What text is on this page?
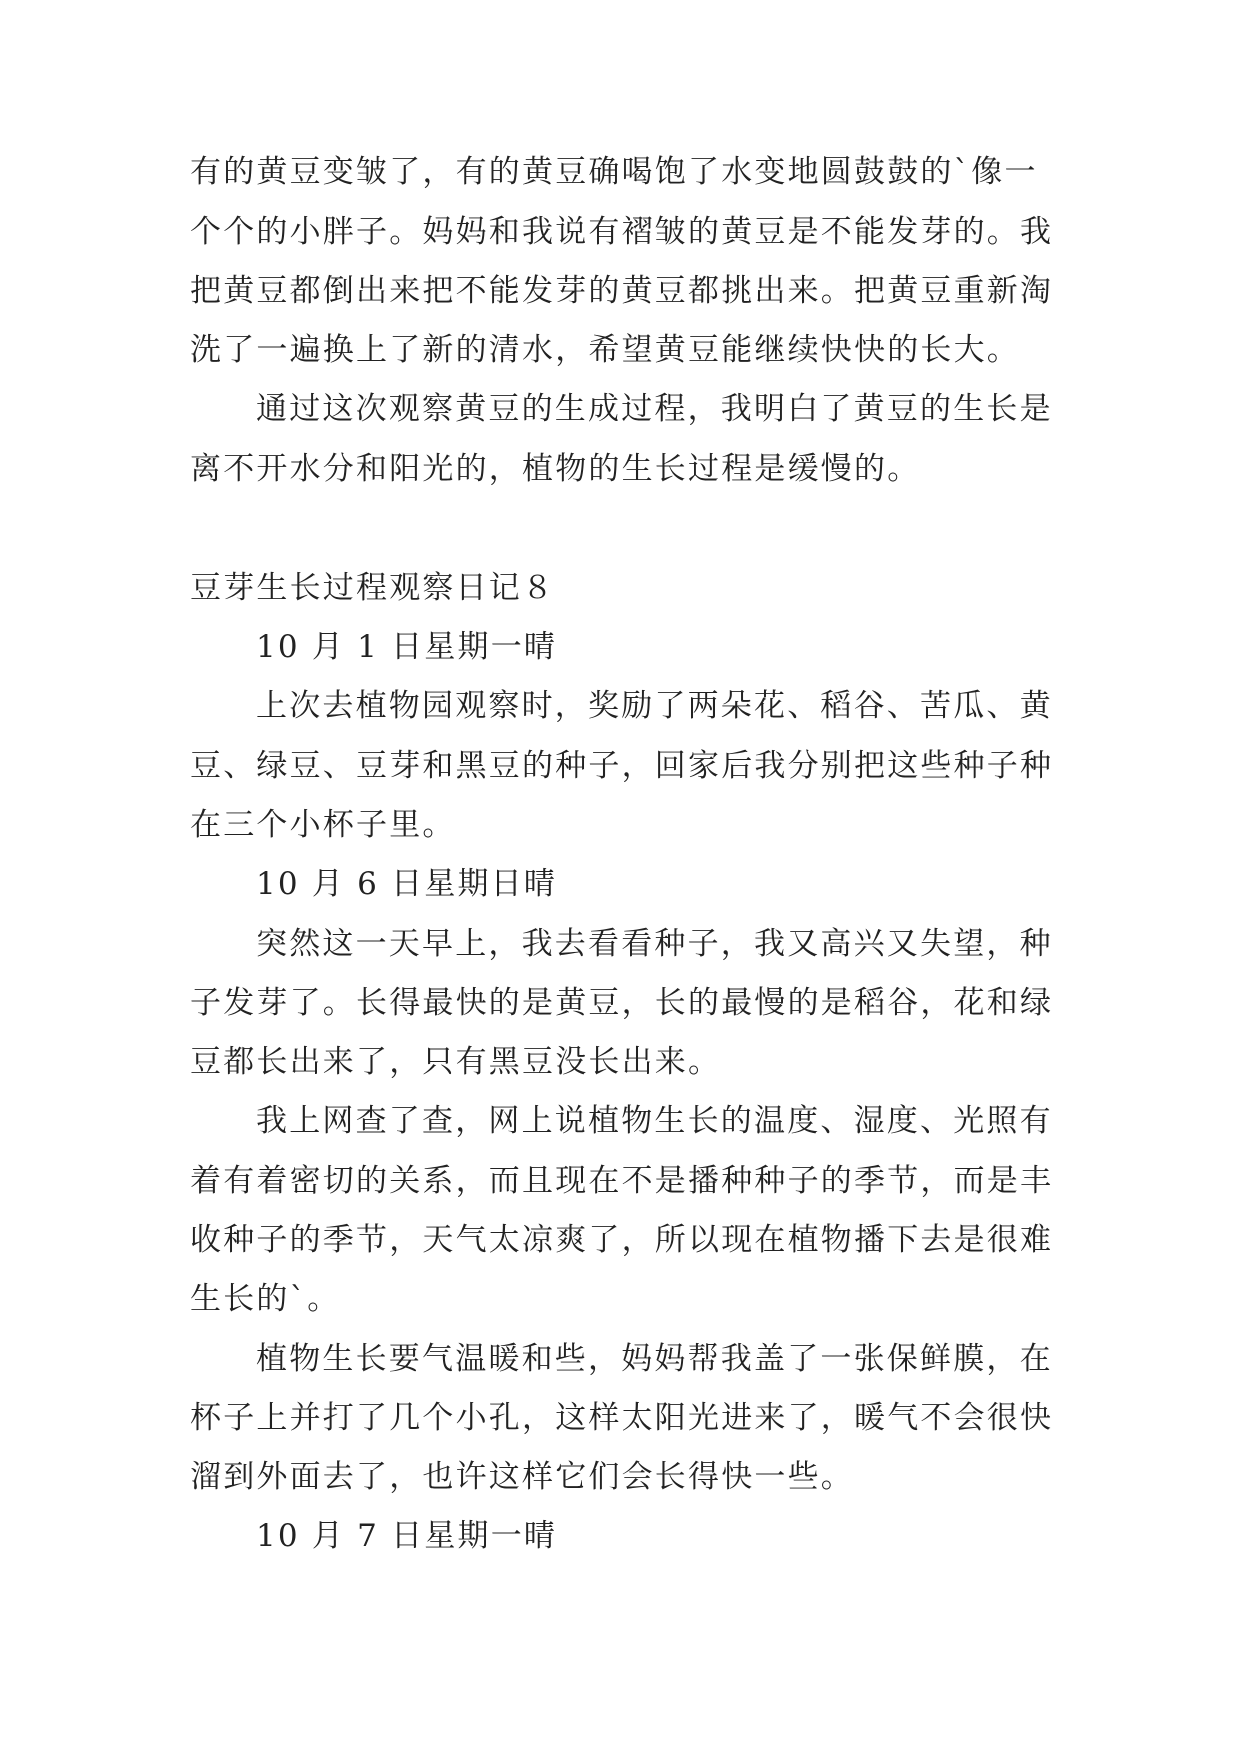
有的黄豆变皱了，有的黄豆确喝饱了水变地圆鼓鼓的`像一
个个的小胖子。妈妈和我说有褶皱的黄豆是不能发芽的。我
把黄豆都倒出来把不能发芽的黄豆都挑出来。把黄豆重新淘
洗了一遍换上了新的清水，希望黄豆能继续快快的长大。
通过这次观察黄豆的生成过程，我明白了黄豆的生长是
离不开水分和阳光的，植物的生长过程是缓慢的。
豆芽生长过程观察日记８
10 月 1 日星期一晴
上次去植物园观察时，奖励了两朵花、稻谷、苦瓜、黄
豆、绿豆、豆芽和黑豆的种子，回家后我分别把这些种子种
在三个小杯子里。
10 月 6 日星期日晴
突然这一天早上，我去看看种子，我又高兴又失望，种
子发芽了。长得最快的是黄豆，长的最慢的是稻谷，花和绿
豆都长出来了，只有黑豆没长出来。
我上网查了查，网上说植物生长的温度、湿度、光照有
着有着密切的关系，而且现在不是播种种子的季节，而是丰
收种子的季节，天气太凉爽了，所以现在植物播下去是很难
生长的`。
植物生长要气温暖和些，妈妈帮我盖了一张保鲜膜，在
杯子上并打了几个小孔，这样太阳光进来了，暖气不会很快
溜到外面去了，也许这样它们会长得快一些。
10 月 7 日星期一晴
